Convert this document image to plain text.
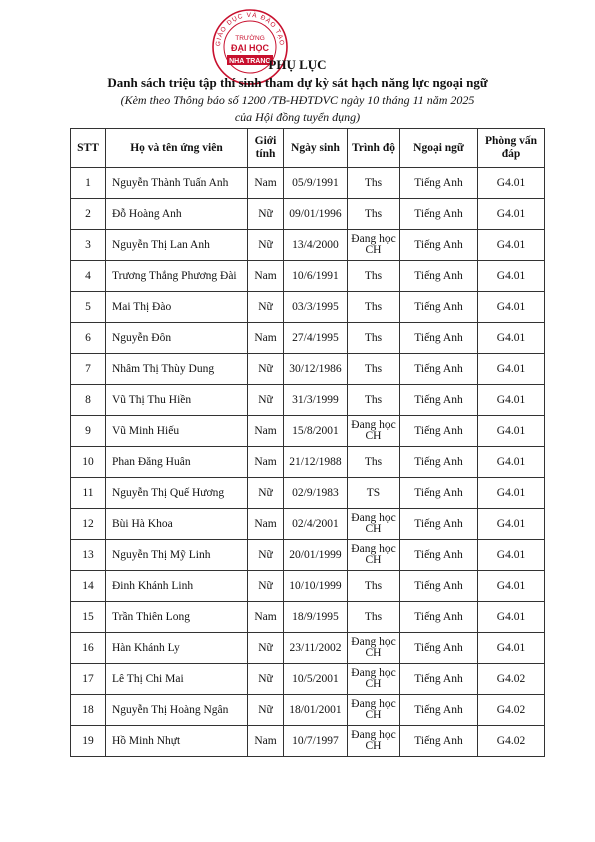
GIÁO DỤC VÀ ĐÀO TẠO
TRƯỜNG
ĐẠI HỌC
NHA TRANG
PHỤ LỤC
Danh sách triệu tập thí sinh tham dự kỳ sát hạch năng lực ngoại ngữ
(Kèm theo Thông báo số 1200 /TB-HĐTDVC ngày 10 tháng 11 năm 2025
của Hội đồng tuyển dụng)
STT	Họ và tên ứng viên	Giới tính	Ngày sinh	Trình độ	Ngoại ngữ	Phòng vấn đáp
1	Nguyễn Thành Tuấn Anh	Nam	05/9/1991	Ths	Tiếng Anh	G4.01
2	Đỗ Hoàng Anh	Nữ	09/01/1996	Ths	Tiếng Anh	G4.01
3	Nguyễn Thị Lan Anh	Nữ	13/4/2000	Đang học CH	Tiếng Anh	G4.01
4	Trương Thắng Phương Đài	Nam	10/6/1991	Ths	Tiếng Anh	G4.01
5	Mai Thị Đào	Nữ	03/3/1995	Ths	Tiếng Anh	G4.01
6	Nguyễn Đôn	Nam	27/4/1995	Ths	Tiếng Anh	G4.01
7	Nhâm Thị Thùy Dung	Nữ	30/12/1986	Ths	Tiếng Anh	G4.01
8	Vũ Thị Thu Hiền	Nữ	31/3/1999	Ths	Tiếng Anh	G4.01
9	Vũ Minh Hiếu	Nam	15/8/2001	Đang học CH	Tiếng Anh	G4.01
10	Phan Đăng Huân	Nam	21/12/1988	Ths	Tiếng Anh	G4.01
11	Nguyễn Thị Quế Hương	Nữ	02/9/1983	TS	Tiếng Anh	G4.01
12	Bùi Hà Khoa	Nam	02/4/2001	Đang học CH	Tiếng Anh	G4.01
13	Nguyễn Thị Mỹ Linh	Nữ	20/01/1999	Đang học CH	Tiếng Anh	G4.01
14	Đinh Khánh Linh	Nữ	10/10/1999	Ths	Tiếng Anh	G4.01
15	Trần Thiên Long	Nam	18/9/1995	Ths	Tiếng Anh	G4.01
16	Hàn Khánh Ly	Nữ	23/11/2002	Đang học CH	Tiếng Anh	G4.01
17	Lê Thị Chi Mai	Nữ	10/5/2001	Đang học CH	Tiếng Anh	G4.02
18	Nguyễn Thị Hoàng Ngân	Nữ	18/01/2001	Đang học CH	Tiếng Anh	G4.02
19	Hồ Minh Nhựt	Nam	10/7/1997	Đang học CH	Tiếng Anh	G4.02
